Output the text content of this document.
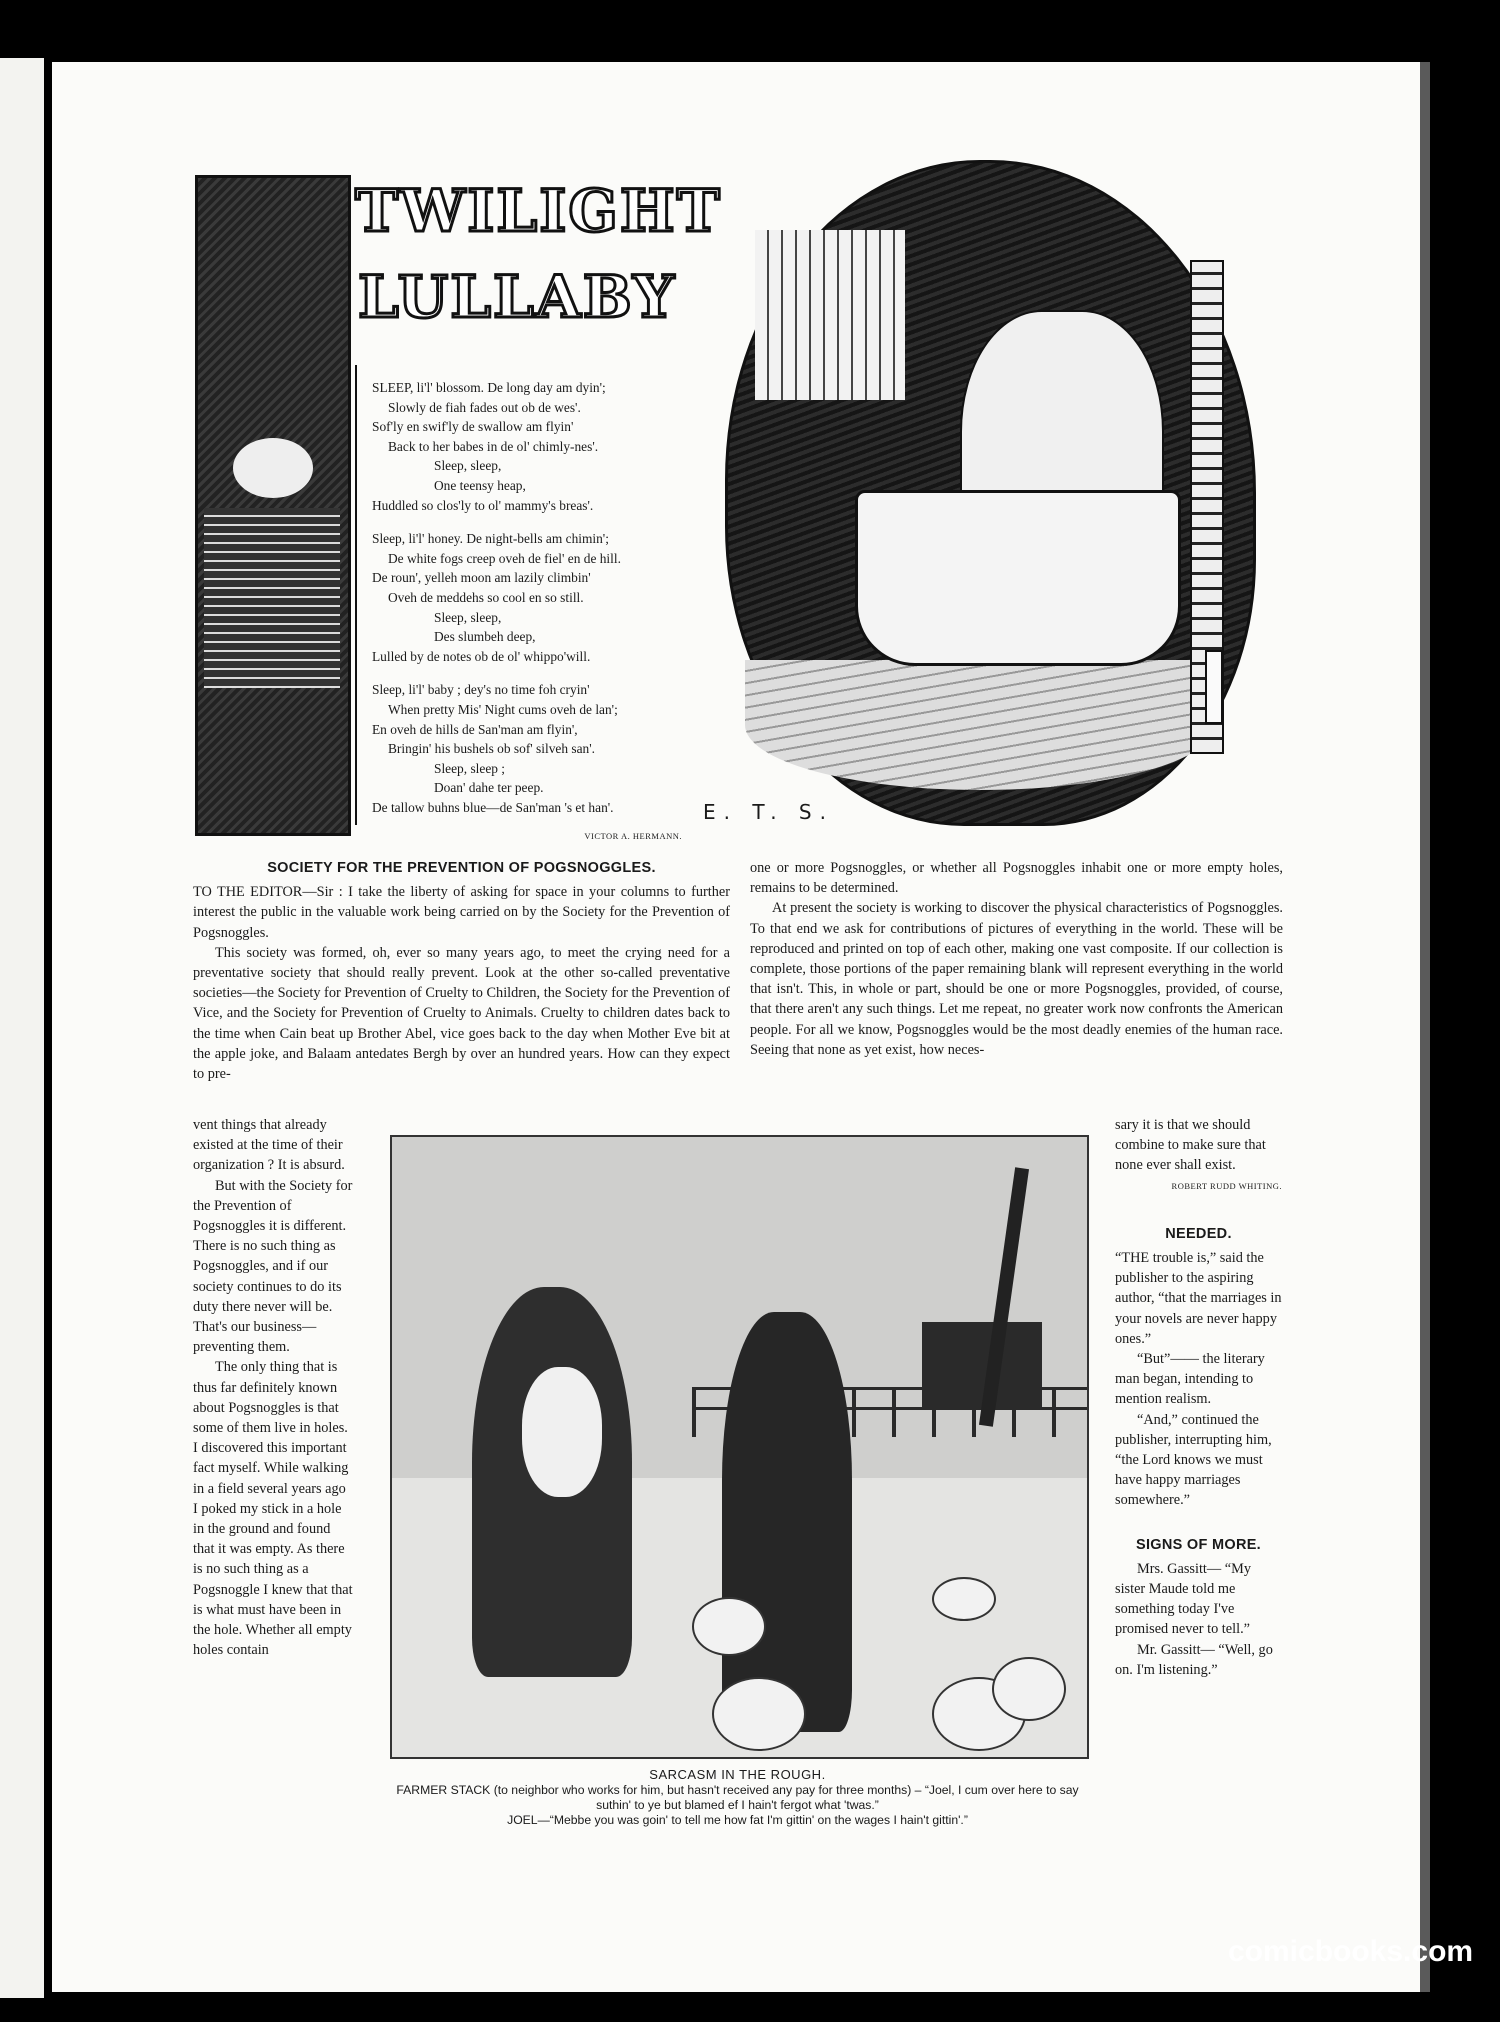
TWILIGHT
LULLABY
SLEEP, li'l' blossom. De long day am dyin';
Slowly de fiah fades out ob de wes'.
Sof'ly en swif'ly de swallow am flyin'
Back to her babes in de ol' chimly-nes'.
Sleep, sleep,
One teensy heap,
Huddled so clos'ly to ol' mammy's breas'.
Sleep, li'l' honey. De night-bells am chimin';
De white fogs creep oveh de fiel' en de hill.
De roun', yelleh moon am lazily climbin'
Oveh de meddehs so cool en so still.
Sleep, sleep,
Des slumbeh deep,
Lulled by de notes ob de ol' whippo'will.
Sleep, li'l' baby ; dey's no time foh cryin'
When pretty Mis' Night cums oveh de lan';
En oveh de hills de San'man am flyin',
Bringin' his bushels ob sof' silveh san'.
Sleep, sleep ;
Doan' dahe ter peep.
De tallow buhns blue—de San'man 's et han'.
VICTOR A. HERMANN.
E. T. S.
SOCIETY FOR THE PREVENTION OF POGSNOGGLES.

TO THE EDITOR—Sir : I take the liberty of asking for space in your columns to further interest the public in the valuable work being carried on by the Society for the Prevention of Pogsnoggles.

This society was formed, oh, ever so many years ago, to meet the crying need for a preventative society that should really prevent. Look at the other so-called preventative societies—the Society for Prevention of Cruelty to Children, the Society for the Prevention of Vice, and the Society for Prevention of Cruelty to Animals. Cruelty to children dates back to the time when Cain beat up Brother Abel, vice goes back to the day when Mother Eve bit at the apple joke, and Balaam antedates Bergh by over an hundred years. How can they expect to pre-

one or more Pogsnoggles, or whether all Pogsnoggles inhabit one or more empty holes, remains to be determined.

At present the society is working to discover the physical characteristics of Pogsnoggles. To that end we ask for contributions of pictures of everything in the world. These will be reproduced and printed on top of each other, making one vast composite. If our collection is complete, those portions of the paper remaining blank will represent everything in the world that isn't. This, in whole or part, should be one or more Pogsnoggles, provided, of course, that there aren't any such things. Let me repeat, no greater work now confronts the American people. For all we know, Pogsnoggles would be the most deadly enemies of the human race. Seeing that none as yet exist, how neces-

vent things that already existed at the time of their organization ? It is absurd.

But with the Society for the Prevention of Pogsnoggles it is different. There is no such thing as Pogsnoggles, and if our society continues to do its duty there never will be. That's our business—preventing them.

The only thing that is thus far definitely known about Pogsnoggles is that some of them live in holes. I discovered this important fact myself. While walking in a field several years ago I poked my stick in a hole in the ground and found that it was empty. As there is no such thing as a Pogsnoggle I knew that that is what must have been in the hole. Whether all empty holes contain

sary it is that we should combine to make sure that none ever shall exist.

ROBERT RUDD WHITING.
NEEDED.

“THE trouble is,” said the publisher to the aspiring author, “that the marriages in your novels are never happy ones.”

“But”—— the literary man began, intending to mention realism.

“And,” continued the publisher, interrupting him, “the Lord knows we must have happy marriages somewhere.”

SIGNS OF MORE.

Mrs. Gassitt— “My sister Maude told me something today I've promised never to tell.”

Mr. Gassitt— “Well, go on. I'm listening.”

SARCASM IN THE ROUGH.
FARMER STACK (to neighbor who works for him, but hasn't received any pay for three months) – “Joel, I cum over here to say suthin' to ye but blamed ef I hain't fergot what 'twas.”
JOEL—“Mebbe you was goin' to tell me how fat I'm gittin' on the wages I hain't gittin'.”
comicbooks.com
